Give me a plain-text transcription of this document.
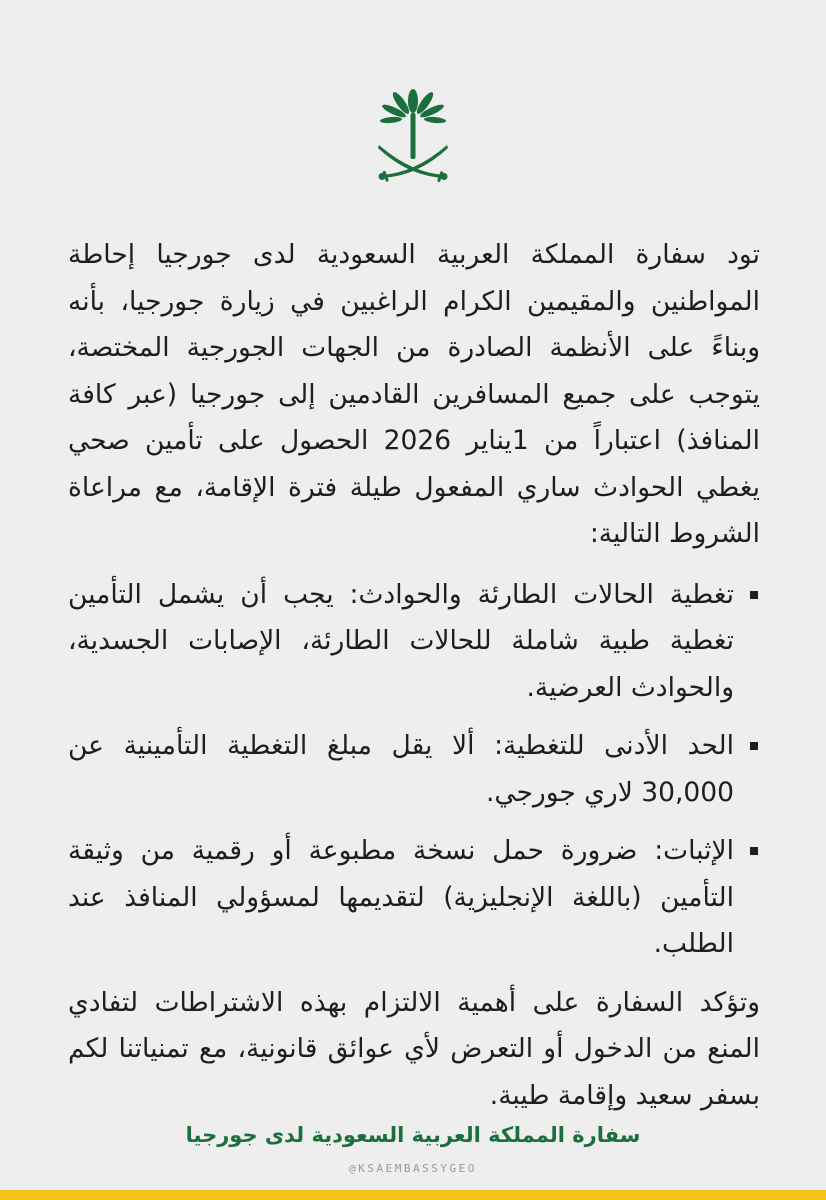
تود سفارة المملكة العربية السعودية لدى جورجيا إحاطة المواطنين والمقيمين الكرام الراغبين في زيارة جورجيا، بأنه وبناءً على الأنظمة الصادرة من الجهات الجورجية المختصة، يتوجب على جميع المسافرين القادمين إلى جورجيا (عبر كافة المنافذ) اعتباراً من 1يناير 2026 الحصول على تأمين صحي يغطي الحوادث ساري المفعول طيلة فترة الإقامة، مع مراعاة الشروط التالية:

تغطية الحالات الطارئة والحوادث: يجب أن يشمل التأمين تغطية طبية شاملة للحالات الطارئة، الإصابات الجسدية، والحوادث العرضية.
الحد الأدنى للتغطية: ألا يقل مبلغ التغطية التأمينية عن 30,000 لاري جورجي.
الإثبات: ضرورة حمل نسخة مطبوعة أو رقمية من وثيقة التأمين (باللغة الإنجليزية) لتقديمها لمسؤولي المنافذ عند الطلب.

وتؤكد السفارة على أهمية الالتزام بهذه الاشتراطات لتفادي المنع من الدخول أو التعرض لأي عوائق قانونية، مع تمنياتنا لكم بسفر سعيد وإقامة طيبة.

سفارة المملكة العربية السعودية لدى جورجيا
@KSAEMBASSYGEO
